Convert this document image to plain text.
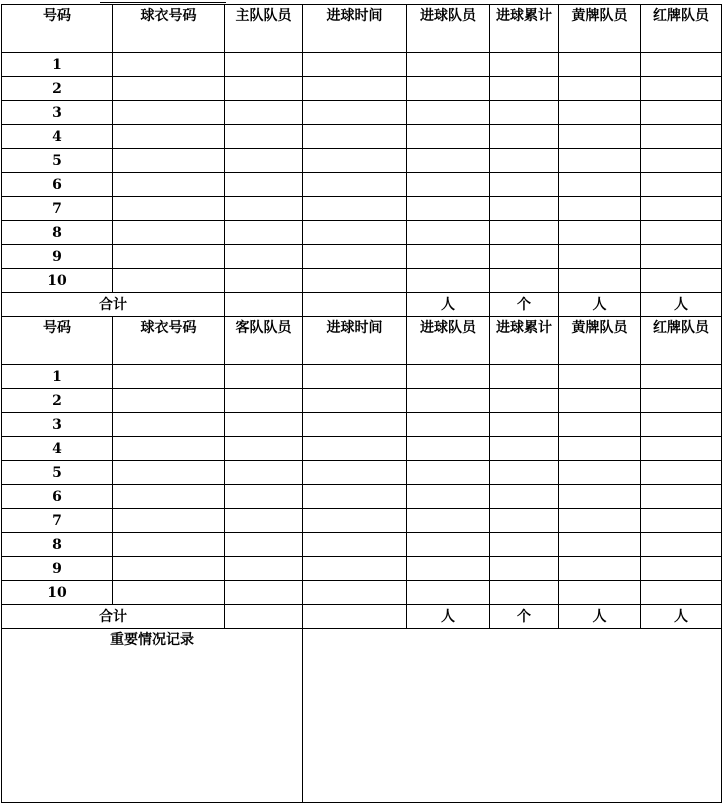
号码	球衣号码	主队队员	进球时间	进球队员	进球累计	黄牌队员	红牌队员
1							
2							
3							
4							
5							
6							
7							
8							
9							
10							
合计				人	个	人	人
号码	球衣号码	客队队员	进球时间	进球队员	进球累计	黄牌队员	红牌队员
1							
2							
3							
4							
5							
6							
7							
8							
9							
10							
合计				人	个	人	人
重要情况记录							
